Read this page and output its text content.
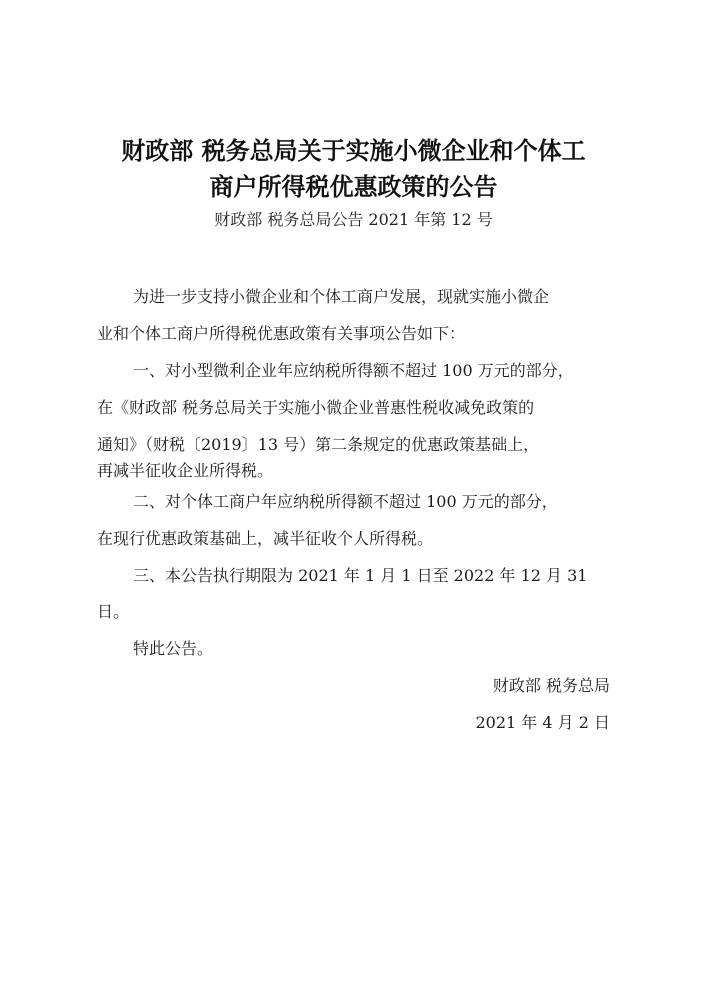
财政部 税务总局关于实施小微企业和个体工
商户所得税优惠政策的公告
财政部 税务总局公告 2021 年第 12 号
为进一步支持小微企业和个体工商户发展，现就实施小微企
业和个体工商户所得税优惠政策有关事项公告如下：
一、对小型微利企业年应纳税所得额不超过 100 万元的部分，
在《财政部 税务总局关于实施小微企业普惠性税收减免政策的
通知》（财税〔2019〕13 号）第二条规定的优惠政策基础上，
再减半征收企业所得税。
二、对个体工商户年应纳税所得额不超过 100 万元的部分，
在现行优惠政策基础上，减半征收个人所得税。
三、本公告执行期限为 2021 年 1 月 1 日至 2022 年 12 月 31
日。
特此公告。
财政部 税务总局
2021 年 4 月 2 日
